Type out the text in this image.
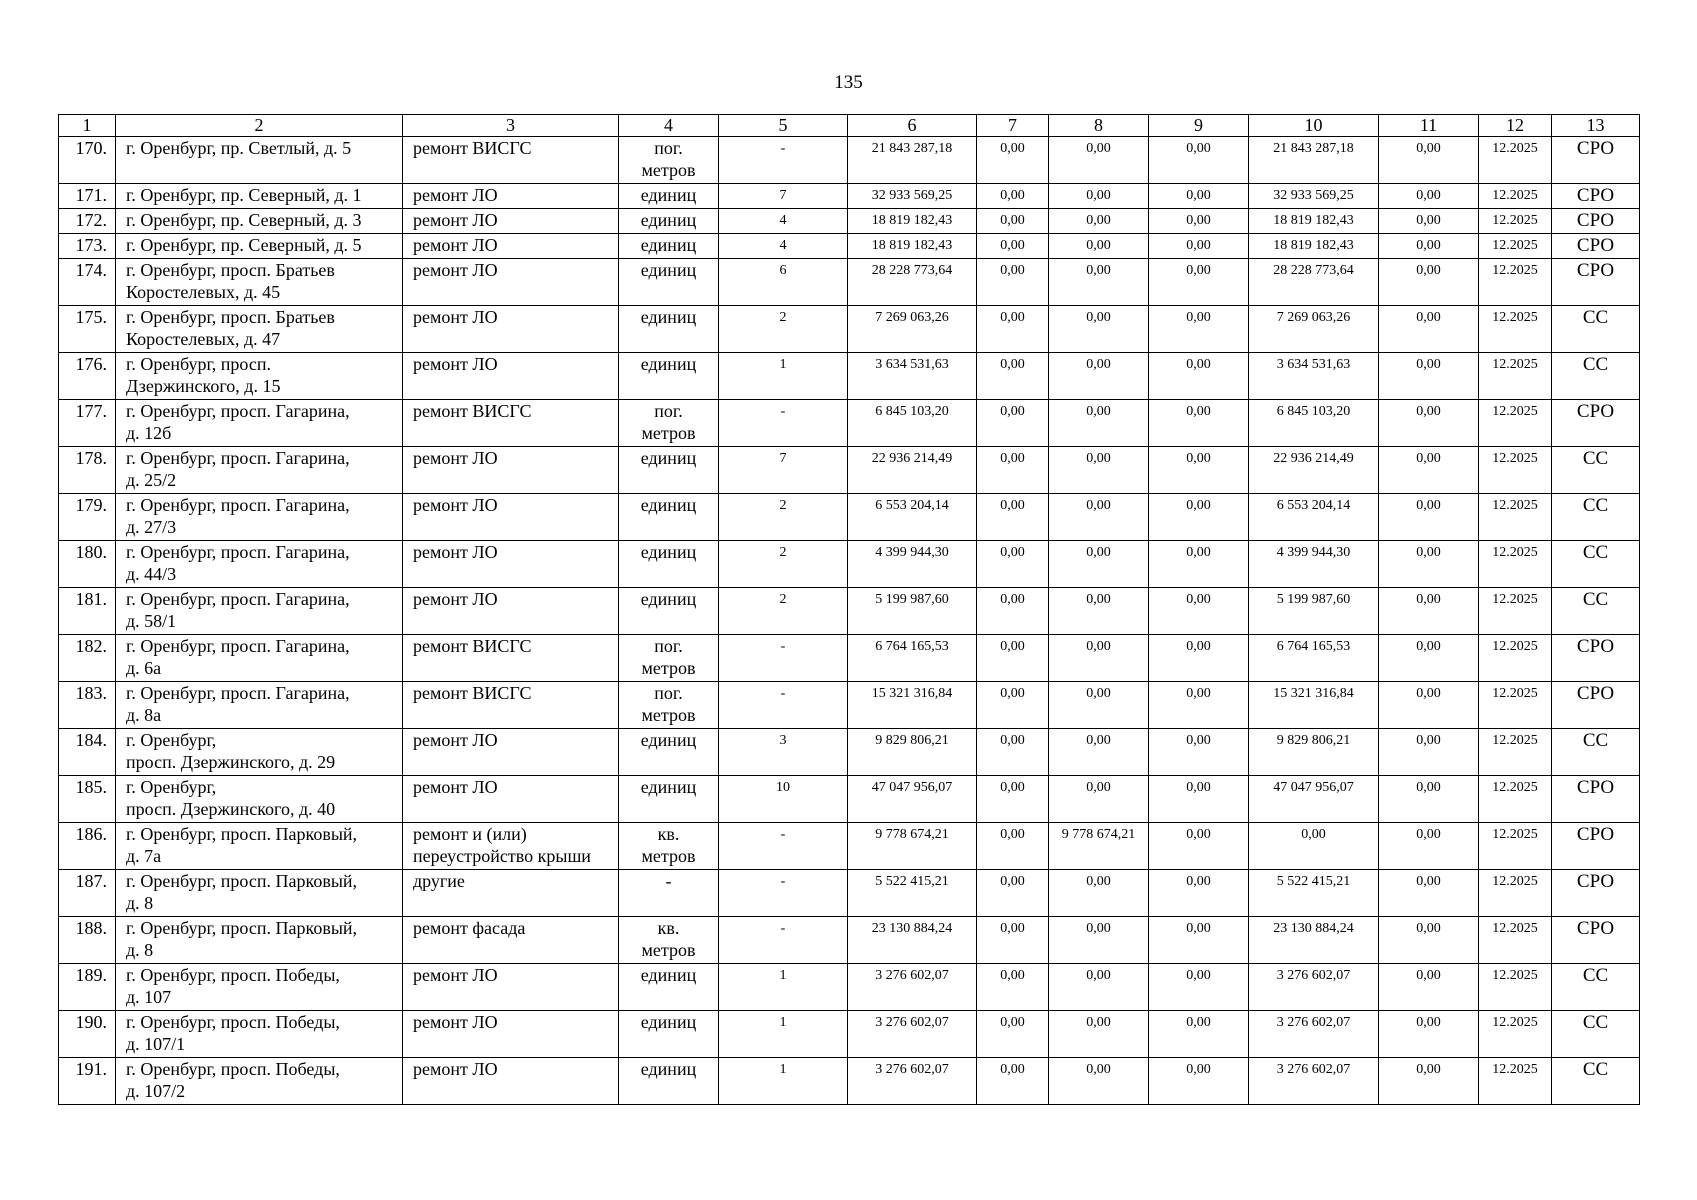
135
1	2	3	4	5	6	7	8	9	10	11	12	13
170.	г. Оренбург, пр. Светлый, д. 5	ремонт ВИСГС	пог.
метров	-	21 843 287,18	0,00	0,00	0,00	21 843 287,18	0,00	12.2025	СРО
171.	г. Оренбург, пр. Северный, д. 1	ремонт ЛО	единиц	7	32 933 569,25	0,00	0,00	0,00	32 933 569,25	0,00	12.2025	СРО
172.	г. Оренбург, пр. Северный, д. 3	ремонт ЛО	единиц	4	18 819 182,43	0,00	0,00	0,00	18 819 182,43	0,00	12.2025	СРО
173.	г. Оренбург, пр. Северный, д. 5	ремонт ЛО	единиц	4	18 819 182,43	0,00	0,00	0,00	18 819 182,43	0,00	12.2025	СРО
174.	г. Оренбург, просп. Братьев
Коростелевых, д. 45	ремонт ЛО	единиц	6	28 228 773,64	0,00	0,00	0,00	28 228 773,64	0,00	12.2025	СРО
175.	г. Оренбург, просп. Братьев
Коростелевых, д. 47	ремонт ЛО	единиц	2	7 269 063,26	0,00	0,00	0,00	7 269 063,26	0,00	12.2025	СС
176.	г. Оренбург, просп.
Дзержинского, д. 15	ремонт ЛО	единиц	1	3 634 531,63	0,00	0,00	0,00	3 634 531,63	0,00	12.2025	СС
177.	г. Оренбург, просп. Гагарина,
д. 12б	ремонт ВИСГС	пог.
метров	-	6 845 103,20	0,00	0,00	0,00	6 845 103,20	0,00	12.2025	СРО
178.	г. Оренбург, просп. Гагарина,
д. 25/2	ремонт ЛО	единиц	7	22 936 214,49	0,00	0,00	0,00	22 936 214,49	0,00	12.2025	СС
179.	г. Оренбург, просп. Гагарина,
д. 27/3	ремонт ЛО	единиц	2	6 553 204,14	0,00	0,00	0,00	6 553 204,14	0,00	12.2025	СС
180.	г. Оренбург, просп. Гагарина,
д. 44/3	ремонт ЛО	единиц	2	4 399 944,30	0,00	0,00	0,00	4 399 944,30	0,00	12.2025	СС
181.	г. Оренбург, просп. Гагарина,
д. 58/1	ремонт ЛО	единиц	2	5 199 987,60	0,00	0,00	0,00	5 199 987,60	0,00	12.2025	СС
182.	г. Оренбург, просп. Гагарина,
д. 6а	ремонт ВИСГС	пог.
метров	-	6 764 165,53	0,00	0,00	0,00	6 764 165,53	0,00	12.2025	СРО
183.	г. Оренбург, просп. Гагарина,
д. 8а	ремонт ВИСГС	пог.
метров	-	15 321 316,84	0,00	0,00	0,00	15 321 316,84	0,00	12.2025	СРО
184.	г. Оренбург,
просп. Дзержинского, д. 29	ремонт ЛО	единиц	3	9 829 806,21	0,00	0,00	0,00	9 829 806,21	0,00	12.2025	СС
185.	г. Оренбург,
просп. Дзержинского, д. 40	ремонт ЛО	единиц	10	47 047 956,07	0,00	0,00	0,00	47 047 956,07	0,00	12.2025	СРО
186.	г. Оренбург, просп. Парковый,
д. 7а	ремонт и (или)
переустройство крыши	кв.
метров	-	9 778 674,21	0,00	9 778 674,21	0,00	0,00	0,00	12.2025	СРО
187.	г. Оренбург, просп. Парковый,
д. 8	другие	-	-	5 522 415,21	0,00	0,00	0,00	5 522 415,21	0,00	12.2025	СРО
188.	г. Оренбург, просп. Парковый,
д. 8	ремонт фасада	кв.
метров	-	23 130 884,24	0,00	0,00	0,00	23 130 884,24	0,00	12.2025	СРО
189.	г. Оренбург, просп. Победы,
д. 107	ремонт ЛО	единиц	1	3 276 602,07	0,00	0,00	0,00	3 276 602,07	0,00	12.2025	СС
190.	г. Оренбург, просп. Победы,
д. 107/1	ремонт ЛО	единиц	1	3 276 602,07	0,00	0,00	0,00	3 276 602,07	0,00	12.2025	СС
191.	г. Оренбург, просп. Победы,
д. 107/2	ремонт ЛО	единиц	1	3 276 602,07	0,00	0,00	0,00	3 276 602,07	0,00	12.2025	СС
